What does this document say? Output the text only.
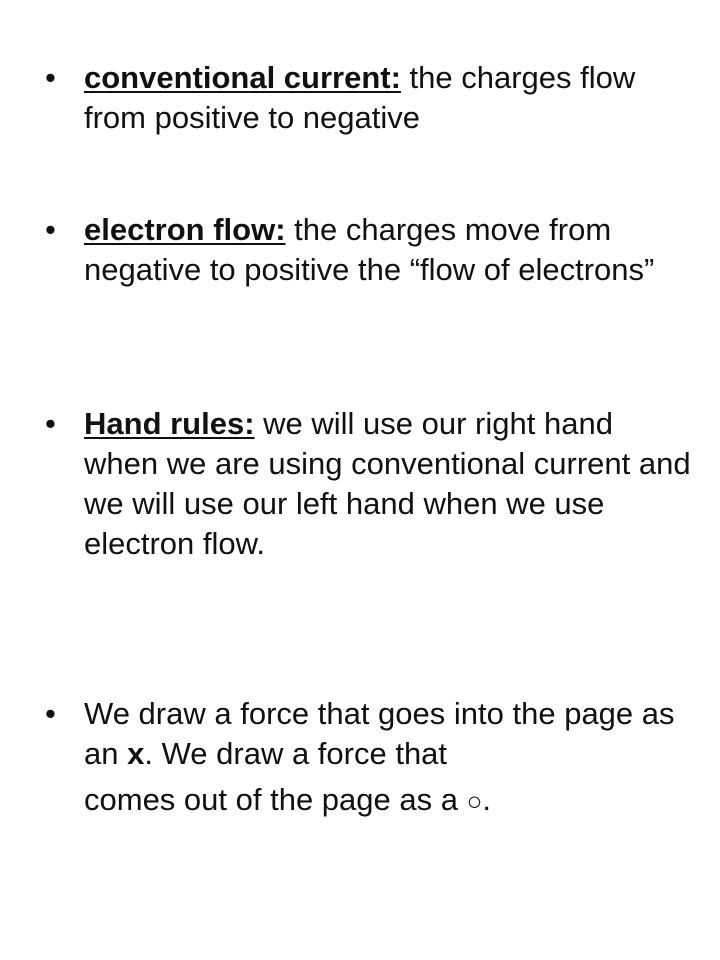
• conventional current: the charges flow from positive to negative
• electron flow: the charges move from negative to positive the “flow of electrons”
• Hand rules: we will use our right hand when we are using conventional current and we will use our left hand when we use electron flow.
• We draw a force that goes into the page as an x. We draw a force that
comes out of the page as a ○.
